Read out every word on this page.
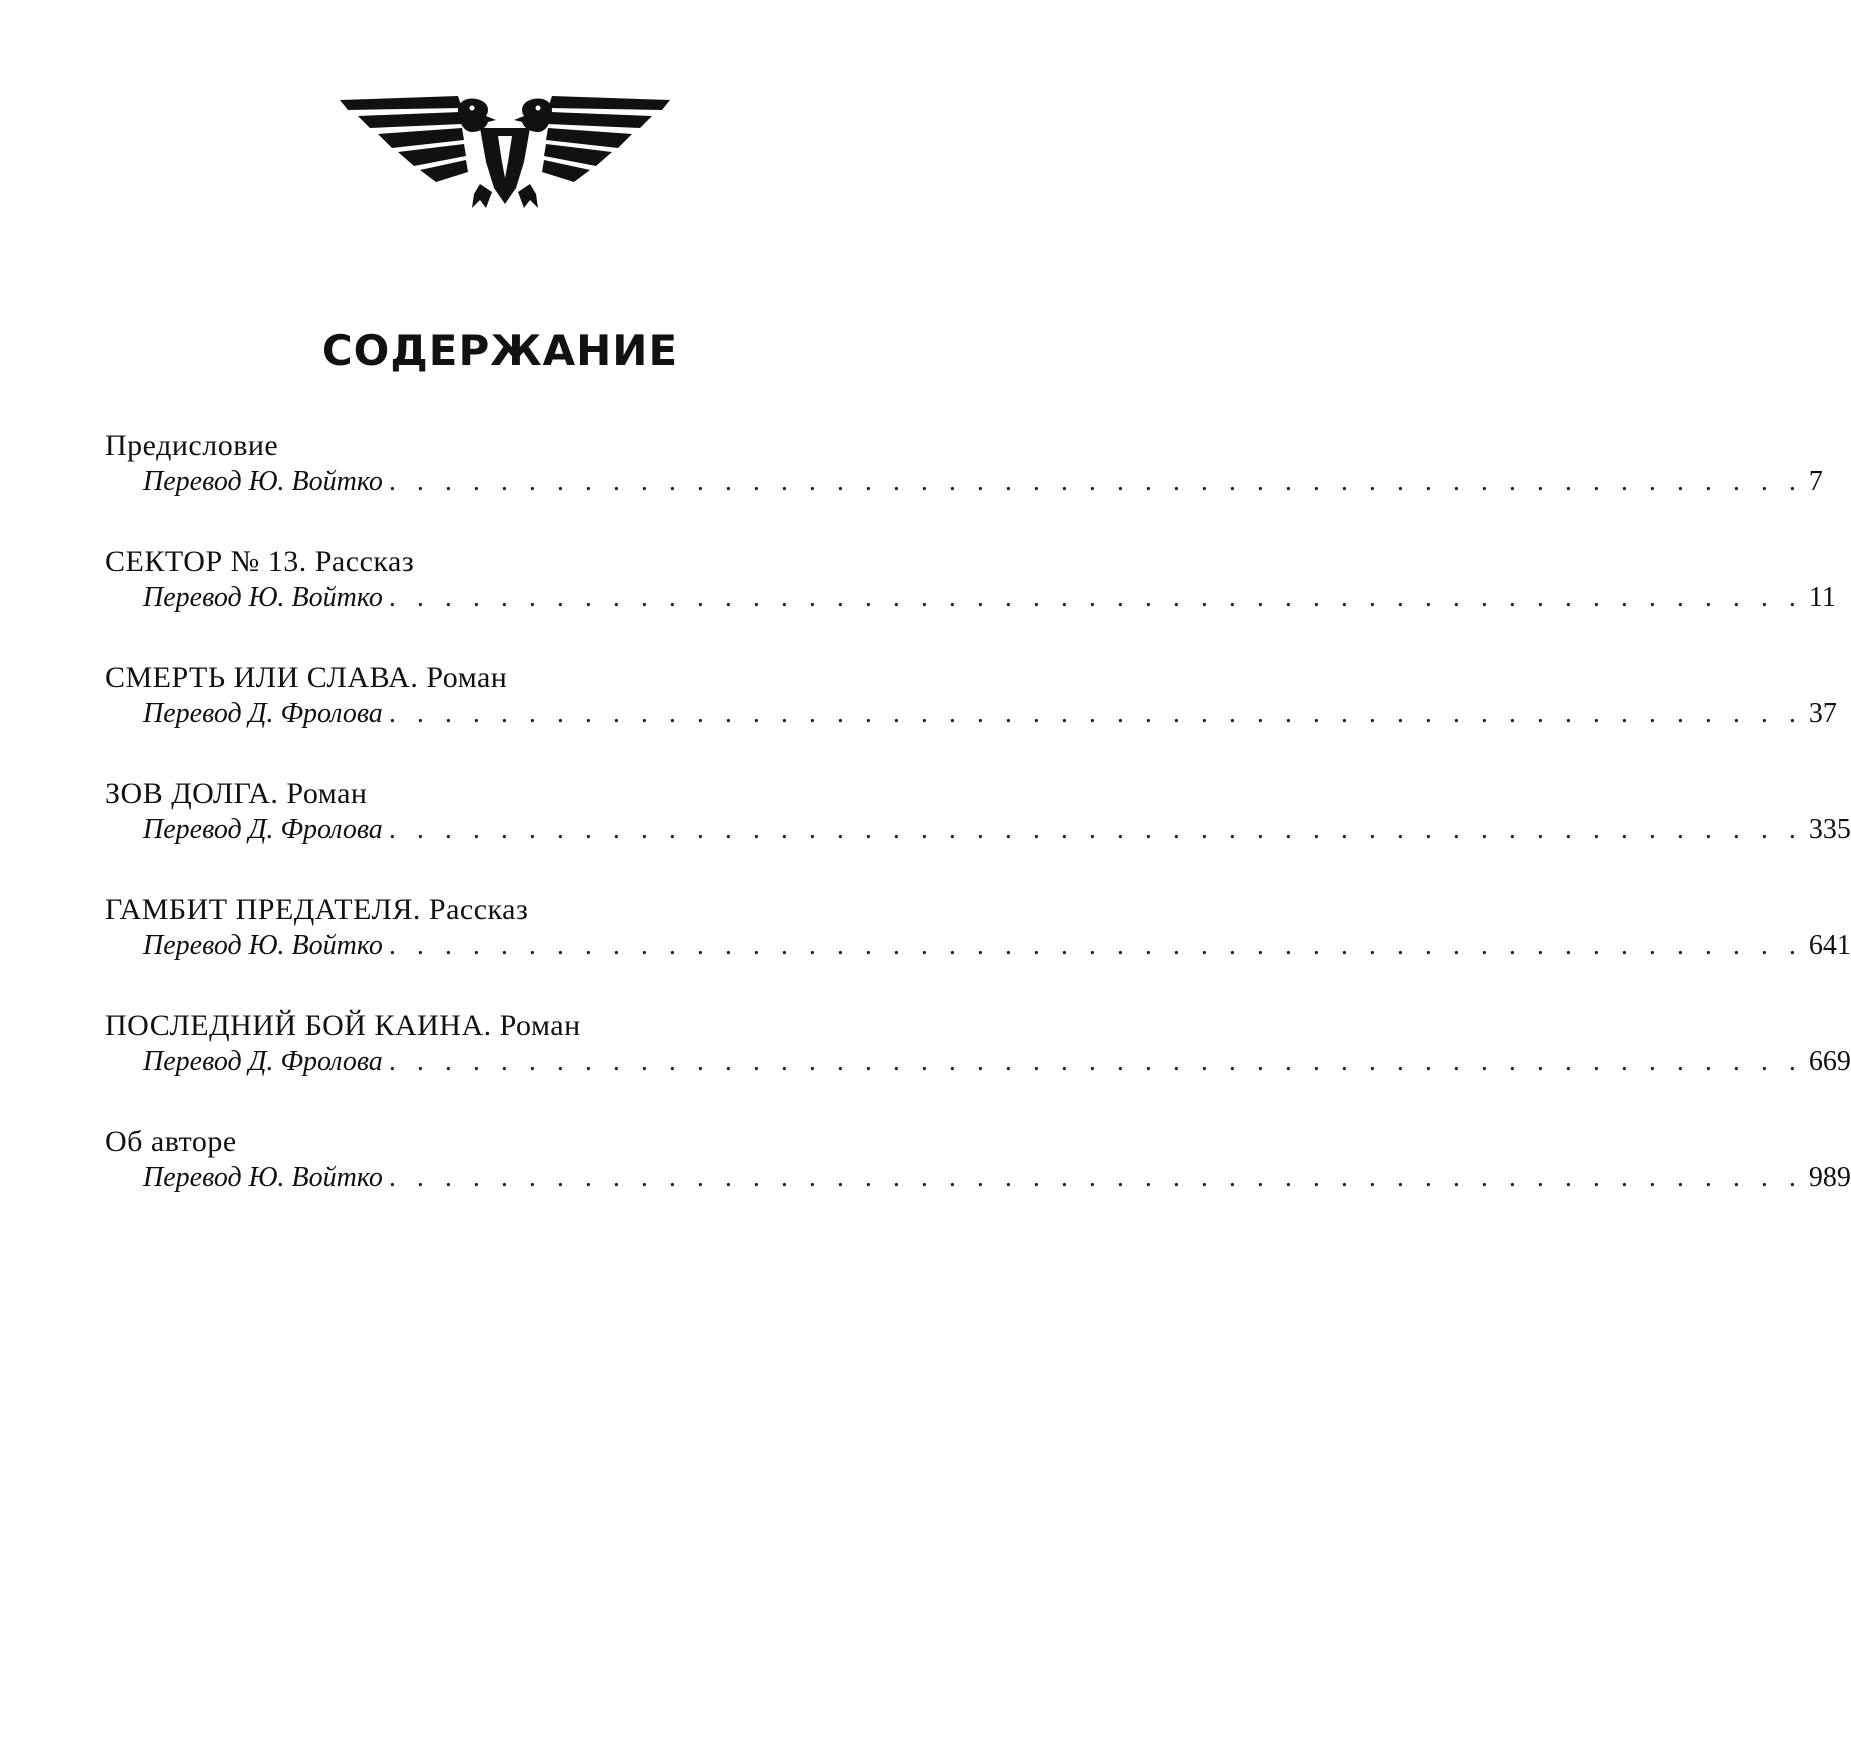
СОДЕРЖАНИЕ
Предисловие
Перевод Ю. Войтко . . . . . . . . . . . . . . . . . . . . . . . . . . . . . . . . . . . . . . . . . . . . . . . . . . . 7
СЕКТОР № 13. Рассказ
Перевод Ю. Войтко . . . . . . . . . . . . . . . . . . . . . . . . . . . . . . . . . . . . . . . . . . . . . . . . . . . 11
СМЕРТЬ ИЛИ СЛАВА. Роман
Перевод Д. Фролова . . . . . . . . . . . . . . . . . . . . . . . . . . . . . . . . . . . . . . . . . . . . . . . . . . . 37
ЗОВ ДОЛГА. Роман
Перевод Д. Фролова . . . . . . . . . . . . . . . . . . . . . . . . . . . . . . . . . . . . . . . . . . . . . . . . . . . 335
ГАМБИТ ПРЕДАТЕЛЯ. Рассказ
Перевод Ю. Войтко . . . . . . . . . . . . . . . . . . . . . . . . . . . . . . . . . . . . . . . . . . . . . . . . . . . 641
ПОСЛЕДНИЙ БОЙ КАИНА. Роман
Перевод Д. Фролова . . . . . . . . . . . . . . . . . . . . . . . . . . . . . . . . . . . . . . . . . . . . . . . . . . . 669
Об авторе
Перевод Ю. Войтко . . . . . . . . . . . . . . . . . . . . . . . . . . . . . . . . . . . . . . . . . . . . . . . . . . . 989
